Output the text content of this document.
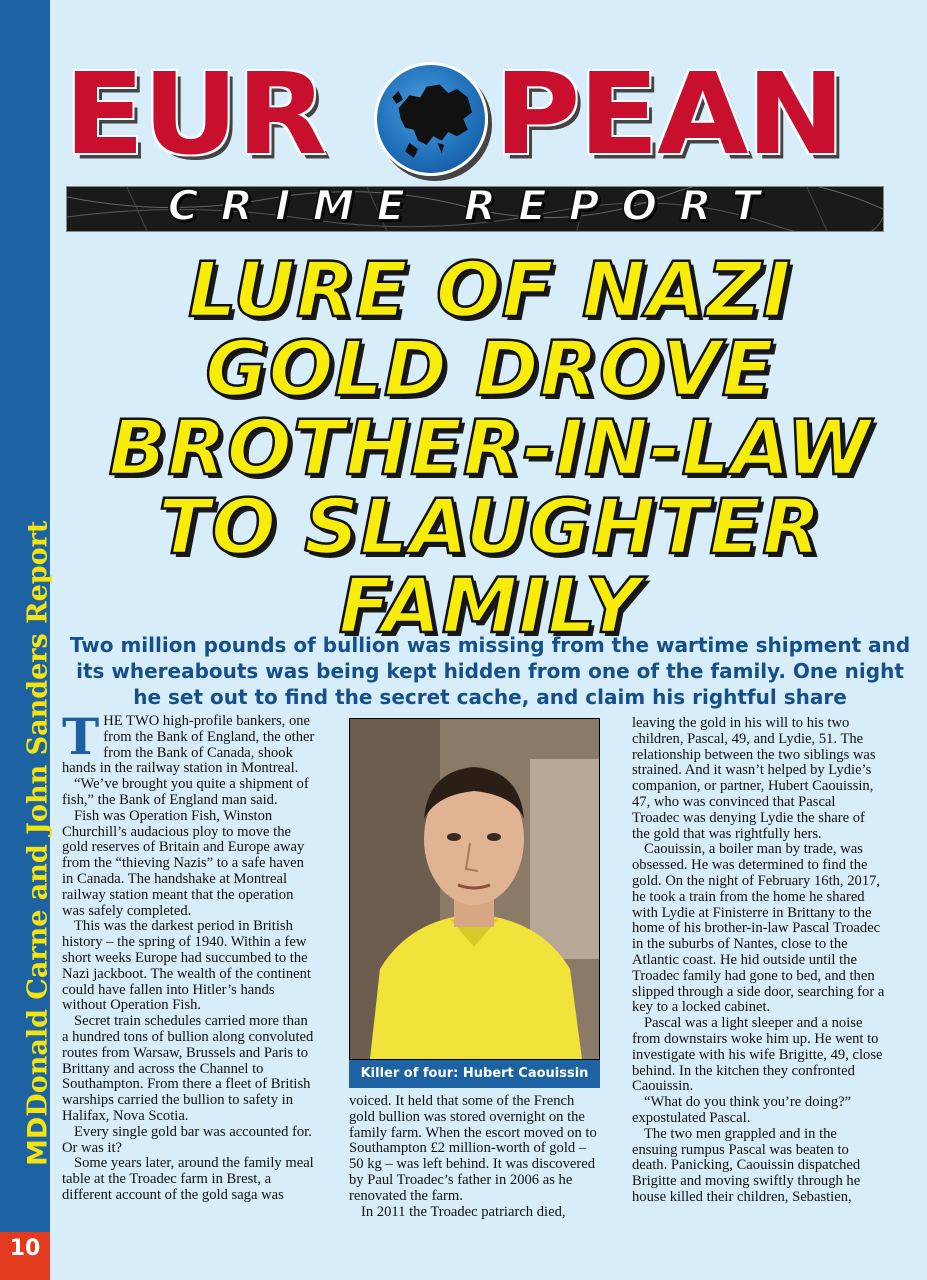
MDDonald Carne and John Sanders Report
10
EUR PEAN
CRIME REPORT
LURE OF NAZI
GOLD DROVE
BROTHER-IN-LAW
TO SLAUGHTER
FAMILY
Two million pounds of bullion was missing from the wartime shipment and its whereabouts was being kept hidden from one of the family. One night he set out to find the secret cache, and claim his rightful share

THE TWO high-profile bankers, one from the Bank of England, the other from the Bank of Canada, shook hands in the railway station in Montreal.

“We’ve brought you quite a shipment of fish,” the Bank of England man said.

Fish was Operation Fish, Winston Churchill’s audacious ploy to move the gold reserves of Britain and Europe away from the “thieving Nazis” to a safe haven in Canada. The handshake at Montreal railway station meant that the operation was safely completed.

This was the darkest period in British history – the spring of 1940. Within a few short weeks Europe had succumbed to the Nazi jackboot. The wealth of the continent could have fallen into Hitler’s hands without Operation Fish.

Secret train schedules carried more than a hundred tons of bullion along convoluted routes from Warsaw, Brussels and Paris to Brittany and across the Channel to Southampton. From there a fleet of British warships carried the bullion to safety in Halifax, Nova Scotia.

Every single gold bar was accounted for. Or was it?

Some years later, around the family meal table at the Troadec farm in Brest, a different account of the gold saga was

Killer of four: Hubert Caouissin

voiced. It held that some of the French gold bullion was stored overnight on the family farm. When the escort moved on to Southampton £2 million-worth of gold – 50 kg – was left behind. It was discovered by Paul Troadec’s father in 2006 as he renovated the farm.

In 2011 the Troadec patriarch died,

leaving the gold in his will to his two children, Pascal, 49, and Lydie, 51. The relationship between the two siblings was strained. And it wasn’t helped by Lydie’s companion, or partner, Hubert Caouissin, 47, who was convinced that Pascal Troadec was denying Lydie the share of the gold that was rightfully hers.

Caouissin, a boiler man by trade, was obsessed. He was determined to find the gold. On the night of February 16th, 2017, he took a train from the home he shared with Lydie at Finisterre in Brittany to the home of his brother-in-law Pascal Troadec in the suburbs of Nantes, close to the Atlantic coast. He hid outside until the Troadec family had gone to bed, and then slipped through a side door, searching for a key to a locked cabinet.

Pascal was a light sleeper and a noise from downstairs woke him up. He went to investigate with his wife Brigitte, 49, close behind. In the kitchen they confronted Caouissin.

“What do you think you’re doing?” expostulated Pascal.

The two men grappled and in the ensuing rumpus Pascal was beaten to death. Panicking, Caouissin dispatched Brigitte and moving swiftly through he house killed their children, Sebastien,
